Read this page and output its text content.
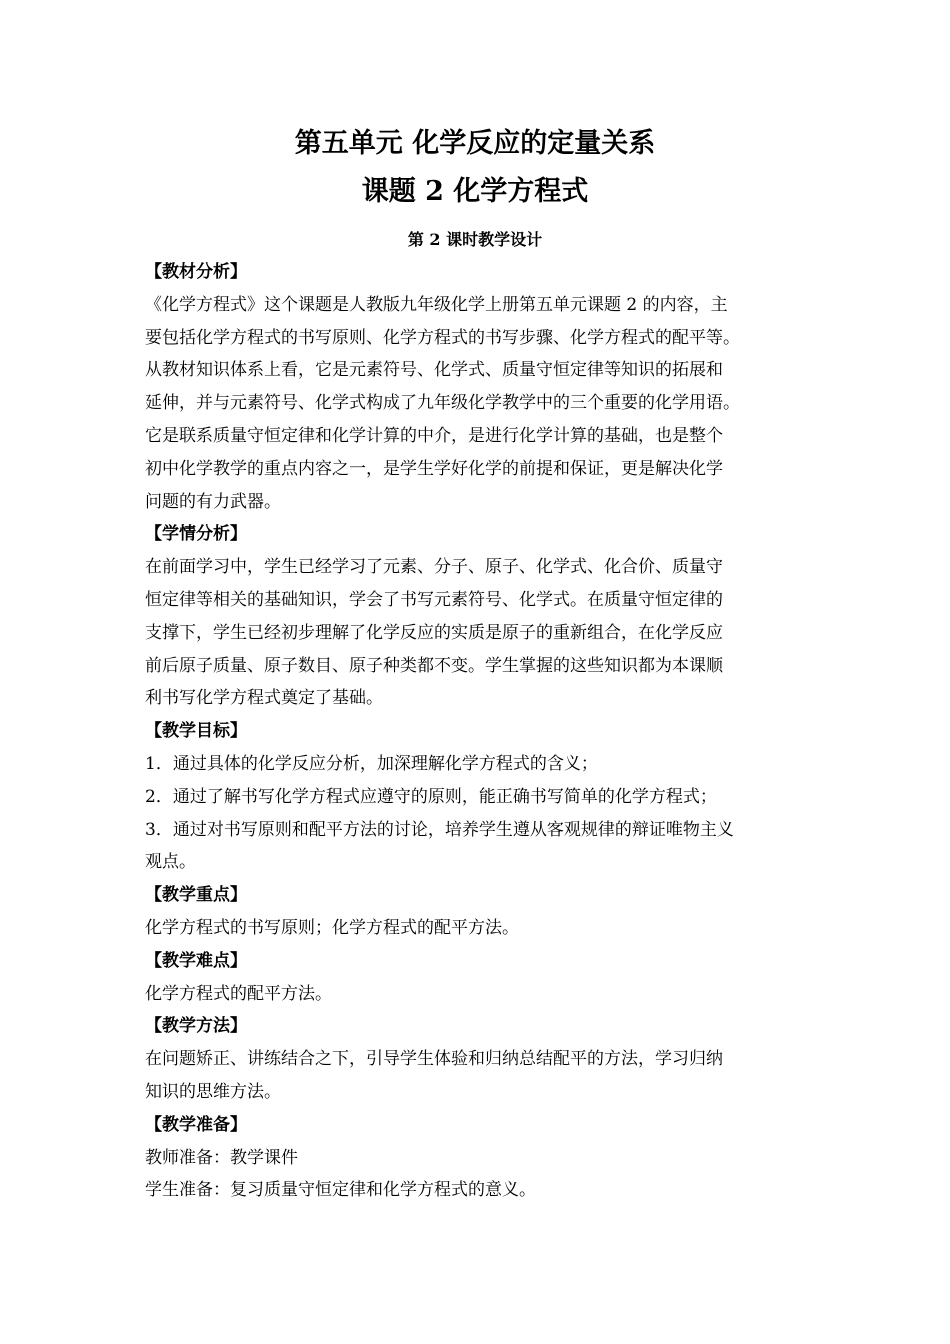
第五单元 化学反应的定量关系
课题 2 化学方程式
第 2 课时教学设计
【教材分析】
《化学方程式》这个课题是人教版九年级化学上册第五单元课题 2 的内容，主
要包括化学方程式的书写原则、化学方程式的书写步骤、化学方程式的配平等。
从教材知识体系上看，它是元素符号、化学式、质量守恒定律等知识的拓展和
延伸，并与元素符号、化学式构成了九年级化学教学中的三个重要的化学用语。
它是联系质量守恒定律和化学计算的中介，是进行化学计算的基础，也是整个
初中化学教学的重点内容之一，是学生学好化学的前提和保证，更是解决化学
问题的有力武器。
【学情分析】
在前面学习中，学生已经学习了元素、分子、原子、化学式、化合价、质量守
恒定律等相关的基础知识，学会了书写元素符号、化学式。在质量守恒定律的
支撑下，学生已经初步理解了化学反应的实质是原子的重新组合，在化学反应
前后原子质量、原子数目、原子种类都不变。学生掌握的这些知识都为本课顺
利书写化学方程式奠定了基础。
【教学目标】
1．通过具体的化学反应分析，加深理解化学方程式的含义；
2．通过了解书写化学方程式应遵守的原则，能正确书写简单的化学方程式；
3．通过对书写原则和配平方法的讨论，培养学生遵从客观规律的辩证唯物主义
观点。
【教学重点】
化学方程式的书写原则；化学方程式的配平方法。
【教学难点】
化学方程式的配平方法。
【教学方法】
在问题矫正、讲练结合之下，引导学生体验和归纳总结配平的方法，学习归纳
知识的思维方法。
【教学准备】
教师准备：教学课件
学生准备：复习质量守恒定律和化学方程式的意义。
